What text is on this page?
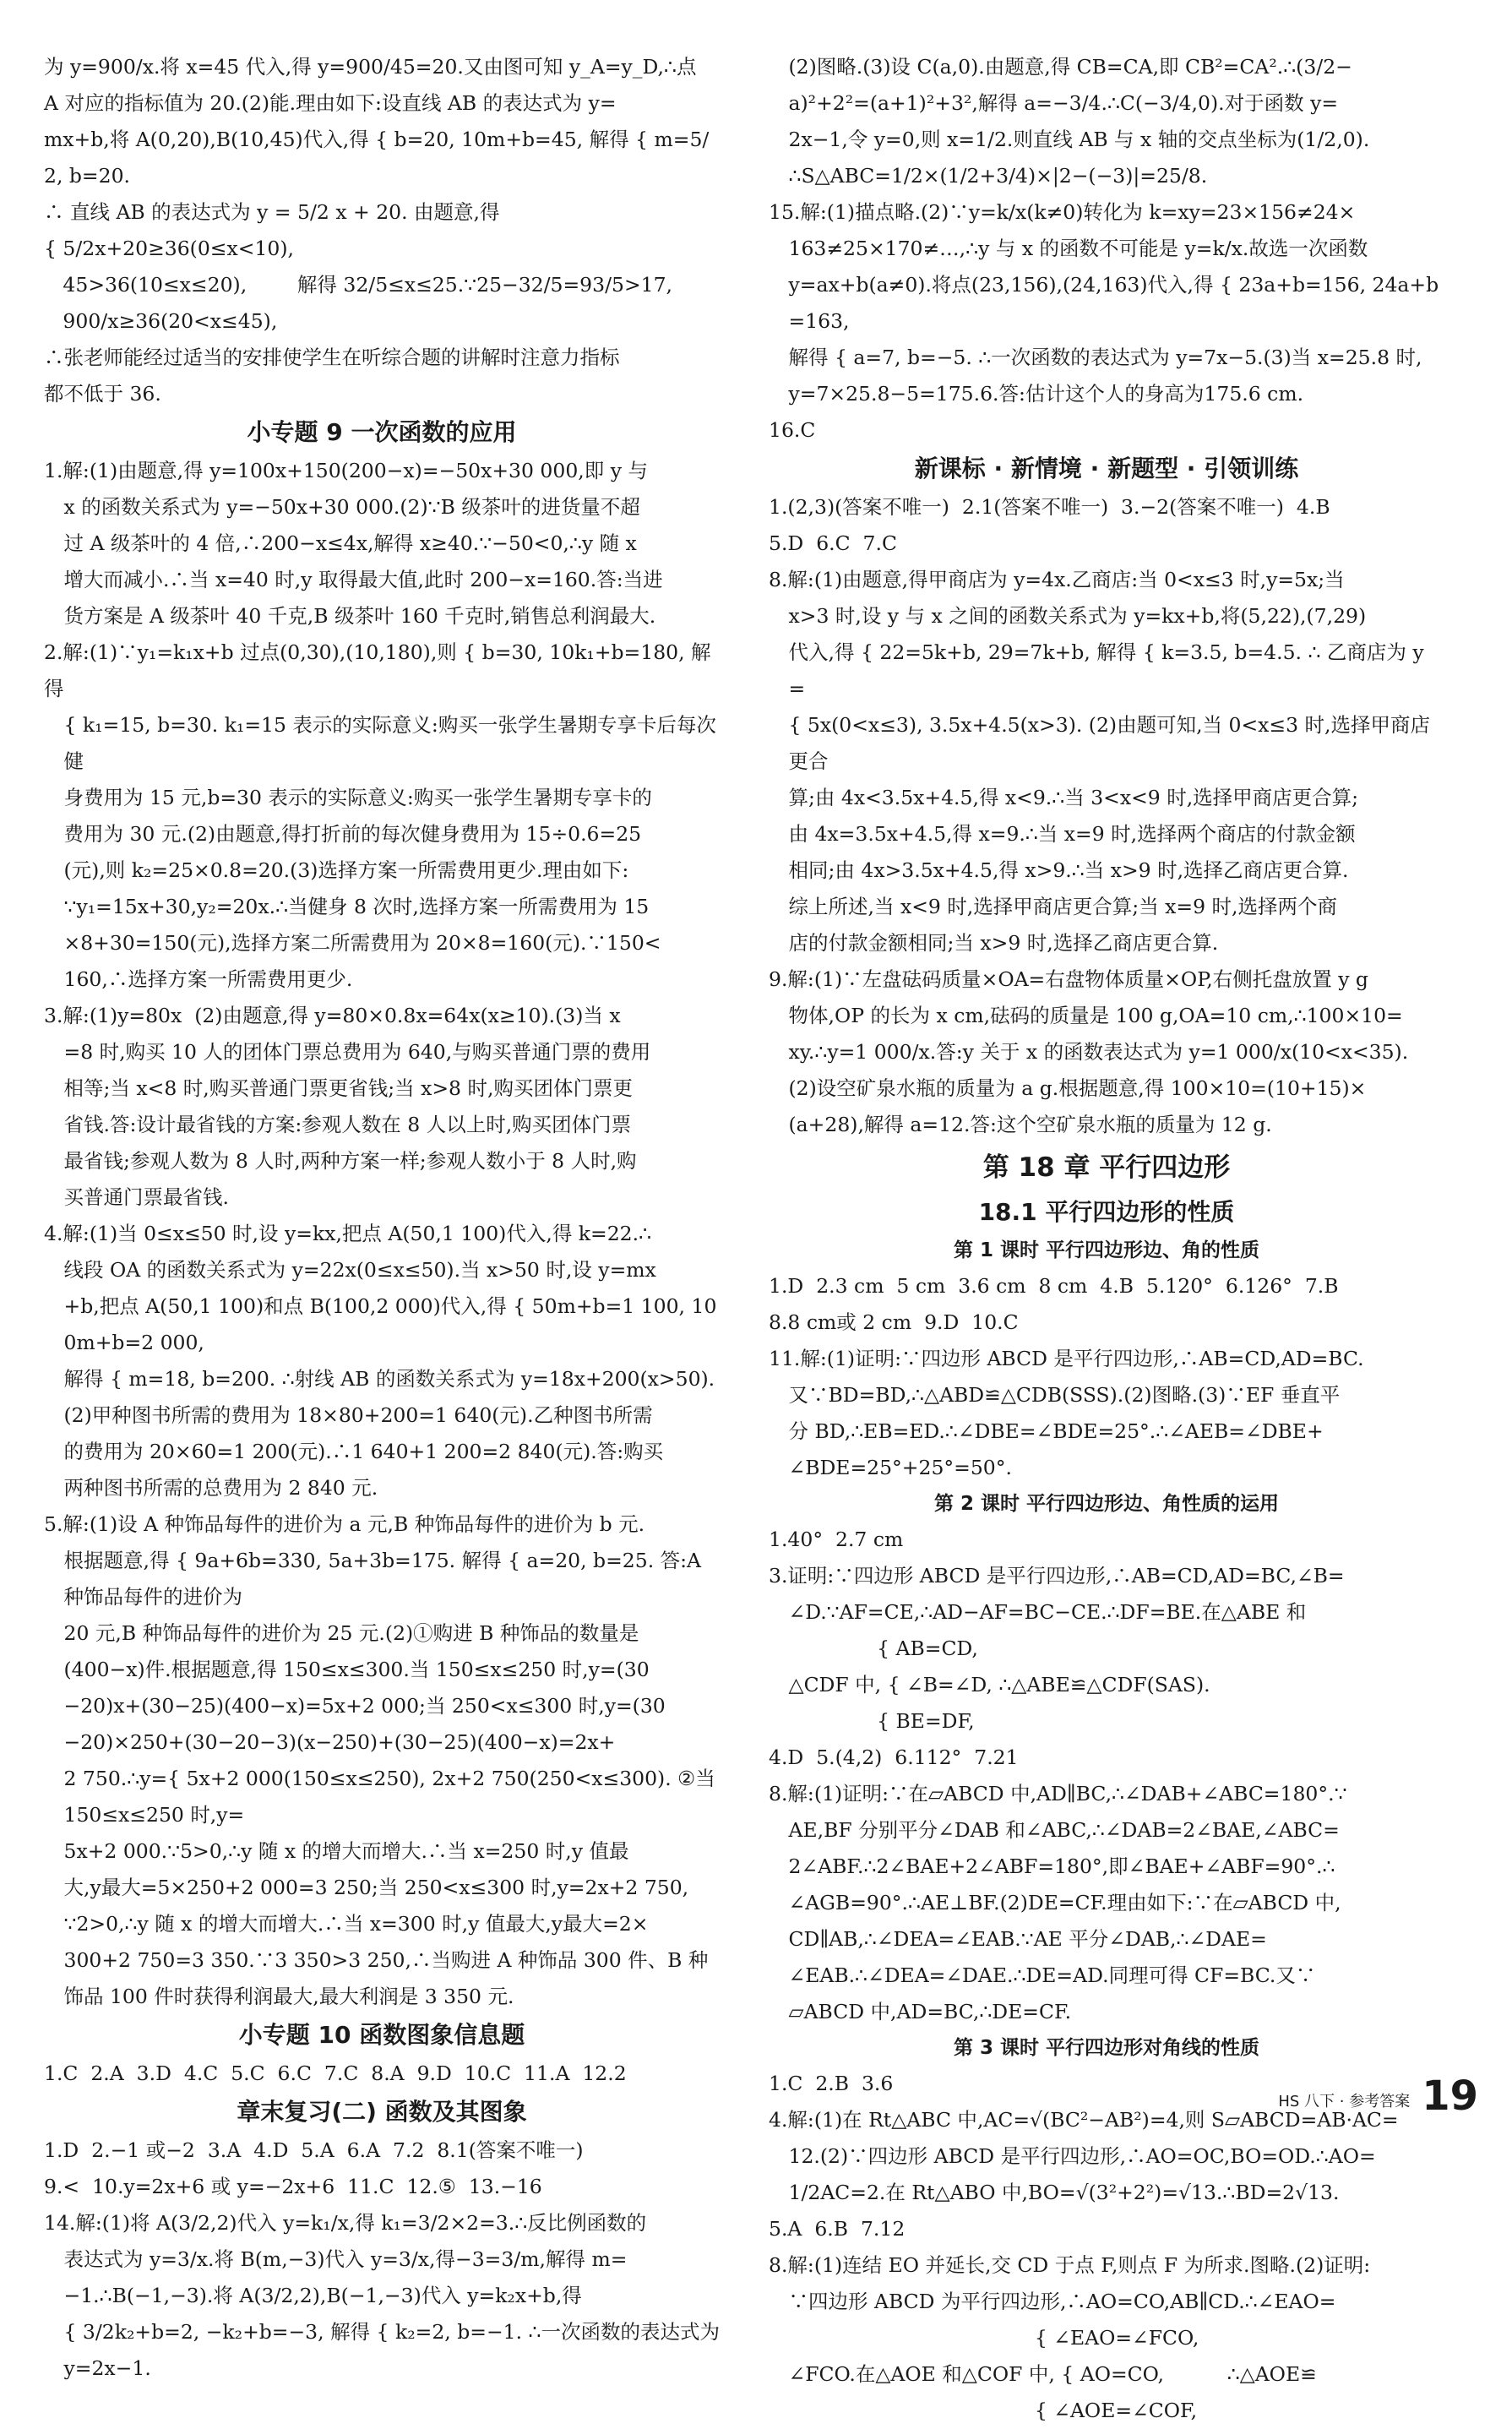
为 y=900/x.将 x=45 代入,得 y=900/45=20.又由图可知 y_A=y_D,∴点
A 对应的指标值为 20.(2)能.理由如下:设直线 AB 的表达式为 y=
mx+b,将 A(0,20),B(10,45)代入,得 { b=20, 10m+b=45, 解得 { m=5/2, b=20.
∴ 直线 AB 的表达式为 y = 5/2 x + 20. 由题意,得
{ 5/2x+20≥36(0≤x<10),
45>36(10≤x≤20),        解得 32/5≤x≤25.∵25−32/5=93/5>17,
900/x≥36(20<x≤45),
∴张老师能经过适当的安排使学生在听综合题的讲解时注意力指标
都不低于 36.
小专题 9 一次函数的应用
1.解:(1)由题意,得 y=100x+150(200−x)=−50x+30 000,即 y 与
x 的函数关系式为 y=−50x+30 000.(2)∵B 级茶叶的进货量不超
过 A 级茶叶的 4 倍,∴200−x≤4x,解得 x≥40.∵−50<0,∴y 随 x
增大而减小.∴当 x=40 时,y 取得最大值,此时 200−x=160.答:当进
货方案是 A 级茶叶 40 千克,B 级茶叶 160 千克时,销售总利润最大.
2.解:(1)∵y₁=k₁x+b 过点(0,30),(10,180),则 { b=30, 10k₁+b=180, 解得
{ k₁=15, b=30. k₁=15 表示的实际意义:购买一张学生暑期专享卡后每次健
身费用为 15 元,b=30 表示的实际意义:购买一张学生暑期专享卡的
费用为 30 元.(2)由题意,得打折前的每次健身费用为 15÷0.6=25
(元),则 k₂=25×0.8=20.(3)选择方案一所需费用更少.理由如下:
∵y₁=15x+30,y₂=20x.∴当健身 8 次时,选择方案一所需费用为 15
×8+30=150(元),选择方案二所需费用为 20×8=160(元).∵150<
160,∴选择方案一所需费用更少.
3.解:(1)y=80x  (2)由题意,得 y=80×0.8x=64x(x≥10).(3)当 x
=8 时,购买 10 人的团体门票总费用为 640,与购买普通门票的费用
相等;当 x<8 时,购买普通门票更省钱;当 x>8 时,购买团体门票更
省钱.答:设计最省钱的方案:参观人数在 8 人以上时,购买团体门票
最省钱;参观人数为 8 人时,两种方案一样;参观人数小于 8 人时,购
买普通门票最省钱.
4.解:(1)当 0≤x≤50 时,设 y=kx,把点 A(50,1 100)代入,得 k=22.∴
线段 OA 的函数关系式为 y=22x(0≤x≤50).当 x>50 时,设 y=mx
+b,把点 A(50,1 100)和点 B(100,2 000)代入,得 { 50m+b=1 100, 100m+b=2 000,
解得 { m=18, b=200. ∴射线 AB 的函数关系式为 y=18x+200(x>50).
(2)甲种图书所需的费用为 18×80+200=1 640(元).乙种图书所需
的费用为 20×60=1 200(元).∴1 640+1 200=2 840(元).答:购买
两种图书所需的总费用为 2 840 元.
5.解:(1)设 A 种饰品每件的进价为 a 元,B 种饰品每件的进价为 b 元.
根据题意,得 { 9a+6b=330, 5a+3b=175. 解得 { a=20, b=25. 答:A 种饰品每件的进价为
20 元,B 种饰品每件的进价为 25 元.(2)①购进 B 种饰品的数量是
(400−x)件.根据题意,得 150≤x≤300.当 150≤x≤250 时,y=(30
−20)x+(30−25)(400−x)=5x+2 000;当 250<x≤300 时,y=(30
−20)×250+(30−20−3)(x−250)+(30−25)(400−x)=2x+
2 750.∴y={ 5x+2 000(150≤x≤250), 2x+2 750(250<x≤300). ②当 150≤x≤250 时,y=
5x+2 000.∵5>0,∴y 随 x 的增大而增大.∴当 x=250 时,y 值最
大,y最大=5×250+2 000=3 250;当 250<x≤300 时,y=2x+2 750,
∵2>0,∴y 随 x 的增大而增大.∴当 x=300 时,y 值最大,y最大=2×
300+2 750=3 350.∵3 350>3 250,∴当购进 A 种饰品 300 件、B 种
饰品 100 件时获得利润最大,最大利润是 3 350 元.
小专题 10 函数图象信息题
1.C  2.A  3.D  4.C  5.C  6.C  7.C  8.A  9.D  10.C  11.A  12.2
章末复习(二) 函数及其图象
1.D  2.−1 或−2  3.A  4.D  5.A  6.A  7.2  8.1(答案不唯一)
9.<  10.y=2x+6 或 y=−2x+6  11.C  12.⑤  13.−16
14.解:(1)将 A(3/2,2)代入 y=k₁/x,得 k₁=3/2×2=3.∴反比例函数的
表达式为 y=3/x.将 B(m,−3)代入 y=3/x,得−3=3/m,解得 m=
−1.∴B(−1,−3).将 A(3/2,2),B(−1,−3)代入 y=k₂x+b,得
{ 3/2k₂+b=2, −k₂+b=−3, 解得 { k₂=2, b=−1. ∴一次函数的表达式为 y=2x−1.
(2)图略.(3)设 C(a,0).由题意,得 CB=CA,即 CB²=CA².∴(3/2−
a)²+2²=(a+1)²+3²,解得 a=−3/4.∴C(−3/4,0).对于函数 y=
2x−1,令 y=0,则 x=1/2.则直线 AB 与 x 轴的交点坐标为(1/2,0).
∴S△ABC=1/2×(1/2+3/4)×|2−(−3)|=25/8.
15.解:(1)描点略.(2)∵y=k/x(k≠0)转化为 k=xy=23×156≠24×
163≠25×170≠…,∴y 与 x 的函数不可能是 y=k/x.故选一次函数
y=ax+b(a≠0).将点(23,156),(24,163)代入,得 { 23a+b=156, 24a+b=163,
解得 { a=7, b=−5. ∴一次函数的表达式为 y=7x−5.(3)当 x=25.8 时,
y=7×25.8−5=175.6.答:估计这个人的身高为175.6 cm.
16.C
新课标 · 新情境 · 新题型 · 引领训练
1.(2,3)(答案不唯一)  2.1(答案不唯一)  3.−2(答案不唯一)  4.B
5.D  6.C  7.C
8.解:(1)由题意,得甲商店为 y=4x.乙商店:当 0<x≤3 时,y=5x;当
x>3 时,设 y 与 x 之间的函数关系式为 y=kx+b,将(5,22),(7,29)
代入,得 { 22=5k+b, 29=7k+b, 解得 { k=3.5, b=4.5. ∴ 乙商店为 y =
{ 5x(0<x≤3), 3.5x+4.5(x>3). (2)由题可知,当 0<x≤3 时,选择甲商店更合
算;由 4x<3.5x+4.5,得 x<9.∴当 3<x<9 时,选择甲商店更合算;
由 4x=3.5x+4.5,得 x=9.∴当 x=9 时,选择两个商店的付款金额
相同;由 4x>3.5x+4.5,得 x>9.∴当 x>9 时,选择乙商店更合算.
综上所述,当 x<9 时,选择甲商店更合算;当 x=9 时,选择两个商
店的付款金额相同;当 x>9 时,选择乙商店更合算.
9.解:(1)∵左盘砝码质量×OA=右盘物体质量×OP,右侧托盘放置 y g
物体,OP 的长为 x cm,砝码的质量是 100 g,OA=10 cm,∴100×10=
xy.∴y=1 000/x.答:y 关于 x 的函数表达式为 y=1 000/x(10<x<35).
(2)设空矿泉水瓶的质量为 a g.根据题意,得 100×10=(10+15)×
(a+28),解得 a=12.答:这个空矿泉水瓶的质量为 12 g.
第 18 章 平行四边形
18.1 平行四边形的性质
第 1 课时 平行四边形边、角的性质
1.D  2.3 cm  5 cm  3.6 cm  8 cm  4.B  5.120°  6.126°  7.B
8.8 cm或 2 cm  9.D  10.C
11.解:(1)证明:∵四边形 ABCD 是平行四边形,∴AB=CD,AD=BC.
又∵BD=BD,∴△ABD≌△CDB(SSS).(2)图略.(3)∵EF 垂直平
分 BD,∴EB=ED.∴∠DBE=∠BDE=25°.∴∠AEB=∠DBE+
∠BDE=25°+25°=50°.
第 2 课时 平行四边形边、角性质的运用
1.40°  2.7 cm
3.证明:∵四边形 ABCD 是平行四边形,∴AB=CD,AD=BC,∠B=
∠D.∵AF=CE,∴AD−AF=BC−CE.∴DF=BE.在△ABE 和
{ AB=CD,
△CDF 中, { ∠B=∠D, ∴△ABE≌△CDF(SAS).
{ BE=DF,
4.D  5.(4,2)  6.112°  7.21
8.解:(1)证明:∵在▱ABCD 中,AD∥BC,∴∠DAB+∠ABC=180°.∵
AE,BF 分别平分∠DAB 和∠ABC,∴∠DAB=2∠BAE,∠ABC=
2∠ABF.∴2∠BAE+2∠ABF=180°,即∠BAE+∠ABF=90°.∴
∠AGB=90°.∴AE⊥BF.(2)DE=CF.理由如下:∵在▱ABCD 中,
CD∥AB,∴∠DEA=∠EAB.∵AE 平分∠DAB,∴∠DAE=
∠EAB.∴∠DEA=∠DAE.∴DE=AD.同理可得 CF=BC.又∵
▱ABCD 中,AD=BC,∴DE=CF.
第 3 课时 平行四边形对角线的性质
1.C  2.B  3.6
4.解:(1)在 Rt△ABC 中,AC=√(BC²−AB²)=4,则 S▱ABCD=AB·AC=
12.(2)∵四边形 ABCD 是平行四边形,∴AO=OC,BO=OD.∴AO=
1/2AC=2.在 Rt△ABO 中,BO=√(3²+2²)=√13.∴BD=2√13.
5.A  6.B  7.12
8.解:(1)连结 EO 并延长,交 CD 于点 F,则点 F 为所求.图略.(2)证明:
∵四边形 ABCD 为平行四边形,∴AO=CO,AB∥CD.∴∠EAO=
{ ∠EAO=∠FCO,
∠FCO.在△AOE 和△COF 中, { AO=CO,          ∴△AOE≌
{ ∠AOE=∠COF,
HS 八下 · 参考答案 19
